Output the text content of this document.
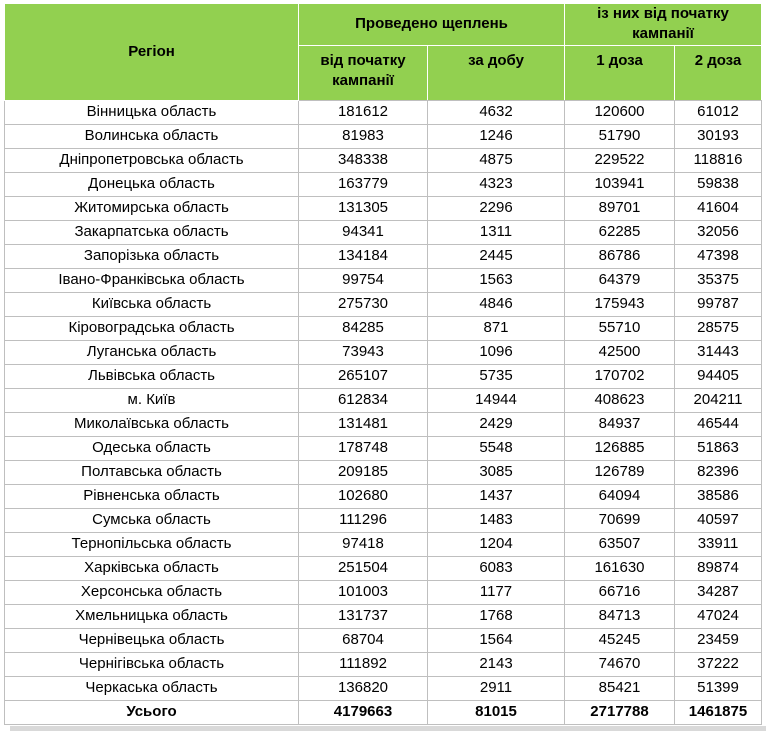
Регіон	Проведено щеплень		із них від початку кампанії	
	від початку кампанії	за добу	1 доза	2 доза
Вінницька область	181612	4632	120600	61012
Волинська область	81983	1246	51790	30193
Дніпропетровська область	348338	4875	229522	118816
Донецька область	163779	4323	103941	59838
Житомирська область	131305	2296	89701	41604
Закарпатська область	94341	1311	62285	32056
Запорізька область	134184	2445	86786	47398
Івано-Франківська область	99754	1563	64379	35375
Київська область	275730	4846	175943	99787
Кіровоградська область	84285	871	55710	28575
Луганська область	73943	1096	42500	31443
Львівська область	265107	5735	170702	94405
м. Київ	612834	14944	408623	204211
Миколаївська область	131481	2429	84937	46544
Одеська область	178748	5548	126885	51863
Полтавська область	209185	3085	126789	82396
Рівненська область	102680	1437	64094	38586
Сумська область	111296	1483	70699	40597
Тернопільська область	97418	1204	63507	33911
Харківська область	251504	6083	161630	89874
Херсонська область	101003	1177	66716	34287
Хмельницька область	131737	1768	84713	47024
Чернівецька область	68704	1564	45245	23459
Чернігівська область	111892	2143	74670	37222
Черкаська область	136820	2911	85421	51399
Усього	4179663	81015	2717788	1461875
